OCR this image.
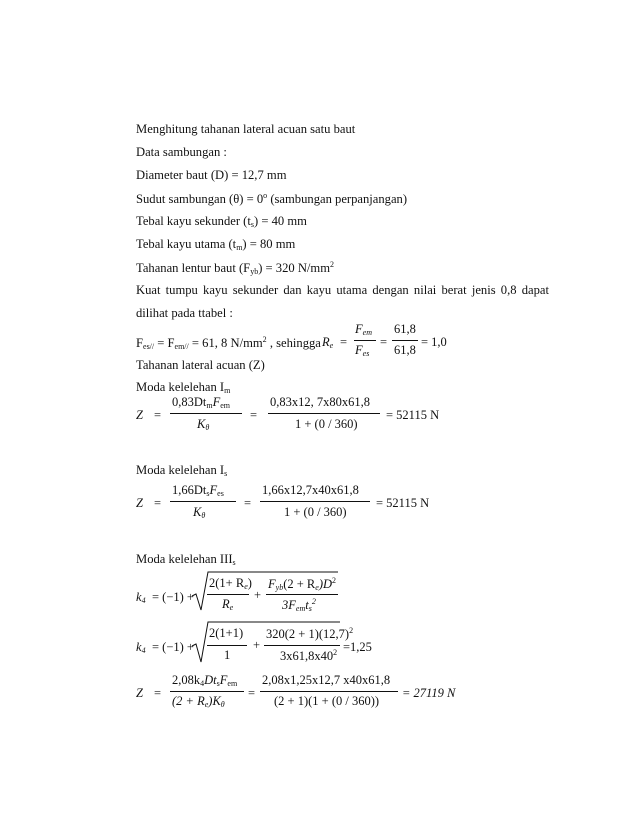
Menghitung tahanan lateral acuan satu baut
Data sambungan :
Diameter baut (D) = 12,7 mm
Sudut sambungan $(\theta) = 0^o$ (sambungan perpanjangan)
Tebal kayu sekunder $(t_s) = 40$ mm
Tebal kayu utama $(t_m) = 80$ mm
Tahanan lentur baut $(F_{yb}) = 320$ $N/mm^2$
Kuat tumpu kayu sekunder dan kayu utama dengan nilai berat jenis 0,8 dapat
dilihat pada ttabel :
$F_{es//} = F_{em//} = 61$, 8 $N/mm^2$ , sehingga $R_e$ =
$F_{em}$
$F_{es}$
=
61,8
61,8
= 1,0
Tahanan lateral acuan (Z)
Moda kelelehan $I_m$
Z =
$0,83Dt_mF_{em}$
$K_\theta$
=
0,83x12, 7x80x61,8
1 + (0 / 360)
= 52115 N
Moda kelelehan $I_s$
Z =
$1,66Dt_sF_{es}$
$K_\theta$
=
1,66x12,7x40x61,8
1 + (0 / 360)
= 52115 N
Moda kelelehan $III_s$
$k_4 = (-1)$ +
$2(1+ R_e)$
$R_e$
+
$F_{yb}(2 + R_e)D^2$
$3F_{em}t_s^2$
$k_4 = (-1)$ +
2(1+1)
1
+
$320(2 + 1)(12,7)^2$
$3x61,8x40^2 =1,25$
Z =
$2,08k_4Dt_sF_{em}$
$(2 + R_e)K_\theta$
=
2,08x1,25x12,7 x40x61,8
(2 + 1)(1 + (0 / 360))
= 27119 N
